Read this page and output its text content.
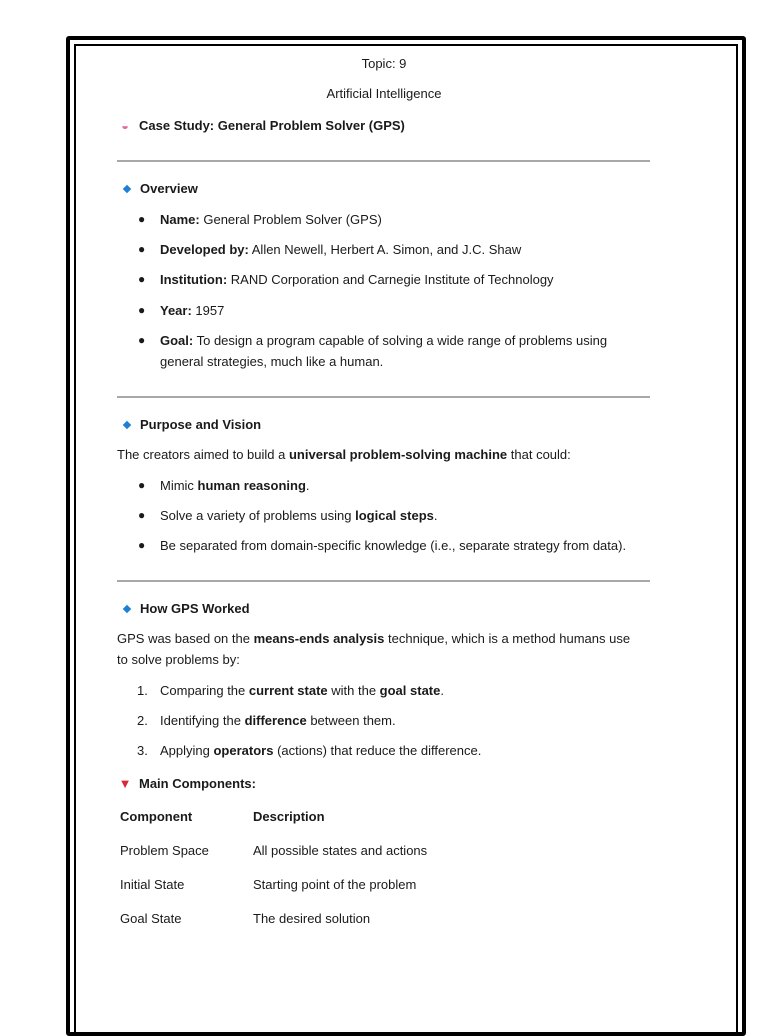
Topic: 9
Artificial Intelligence
◒ Case Study: General Problem Solver (GPS)
Overview
● Name: General Problem Solver (GPS)
● Developed by: Allen Newell, Herbert A. Simon, and J.C. Shaw
● Institution: RAND Corporation and Carnegie Institute of Technology
● Year: 1957
● Goal: To design a program capable of solving a wide range of problems using general strategies, much like a human.
Purpose and Vision
The creators aimed to build a universal problem-solving machine that could:
● Mimic human reasoning.
● Solve a variety of problems using logical steps.
● Be separated from domain-specific knowledge (i.e., separate strategy from data).
How GPS Worked
GPS was based on the means-ends analysis technique, which is a method humans use to solve problems by:
1. Comparing the current state with the goal state.
2. Identifying the difference between them.
3. Applying operators (actions) that reduce the difference.
▼ Main Components:
Component	Description
Problem Space	All possible states and actions
Initial State	Starting point of the problem
Goal State	The desired solution
